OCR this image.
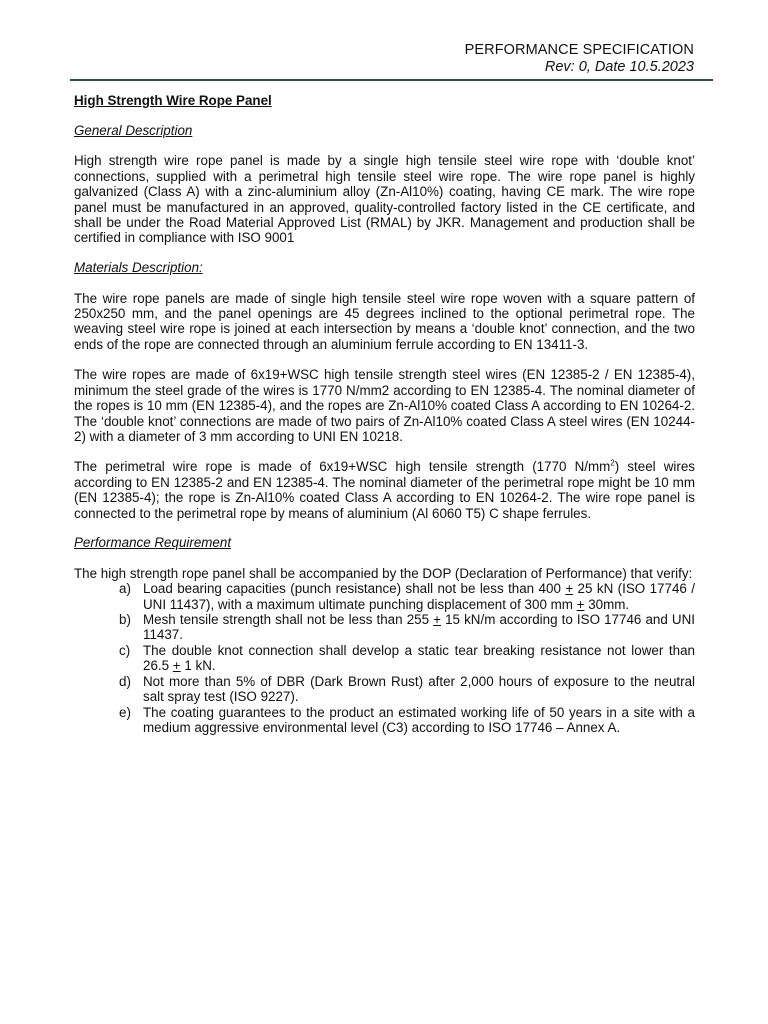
PERFORMANCE SPECIFICATION
Rev: 0, Date 10.5.2023
High Strength Wire Rope Panel
General Description

High strength wire rope panel is made by a single high tensile steel wire rope with ‘double knot’ connections, supplied with a perimetral high tensile steel wire rope. The wire rope panel is highly galvanized (Class A) with a zinc-aluminium alloy (Zn-Al10%) coating, having CE mark. The wire rope panel must be manufactured in an approved, quality-controlled factory listed in the CE certificate, and shall be under the Road Material Approved List (RMAL) by JKR. Management and production shall be certified in compliance with ISO 9001

Materials Description:

The wire rope panels are made of single high tensile steel wire rope woven with a square pattern of 250x250 mm, and the panel openings are 45 degrees inclined to the optional perimetral rope. The weaving steel wire rope is joined at each intersection by means a ‘double knot’ connection, and the two ends of the rope are connected through an aluminium ferrule according to EN 13411-3.

The wire ropes are made of 6x19+WSC high tensile strength steel wires (EN 12385-2 / EN 12385-4), minimum the steel grade of the wires is 1770 N/mm2 according to EN 12385-4. The nominal diameter of the ropes is 10 mm (EN 12385-4), and the ropes are Zn-Al10% coated Class A according to EN 10264-2. The ‘double knot’ connections are made of two pairs of Zn-Al10% coated Class A steel wires (EN 10244-2) with a diameter of 3 mm according to UNI EN 10218.

The perimetral wire rope is made of 6x19+WSC high tensile strength (1770 $N/mm^2$) steel wires according to EN 12385-2 and EN 12385-4. The nominal diameter of the perimetral rope might be 10 mm (EN 12385-4); the rope is Zn-Al10% coated Class A according to EN 10264-2. The wire rope panel is connected to the perimetral rope by means of aluminium (Al 6060 T5) C shape ferrules.

Performance Requirement

The high strength rope panel shall be accompanied by the DOP (Declaration of Performance) that verify:

a) Load bearing capacities (punch resistance) shall not be less than 400 + 25 kN (ISO 17746 / UNI 11437), with a maximum ultimate punching displacement of 300 mm + 30mm.
b) Mesh tensile strength shall not be less than 255 + 15 kN/m according to ISO 17746 and UNI 11437.
c) The double knot connection shall develop a static tear breaking resistance not lower than 26.5 + 1 kN.
d) Not more than 5% of DBR (Dark Brown Rust) after 2,000 hours of exposure to the neutral salt spray test (ISO 9227).
e) The coating guarantees to the product an estimated working life of 50 years in a site with a medium aggressive environmental level (C3) according to ISO 17746 – Annex A.
